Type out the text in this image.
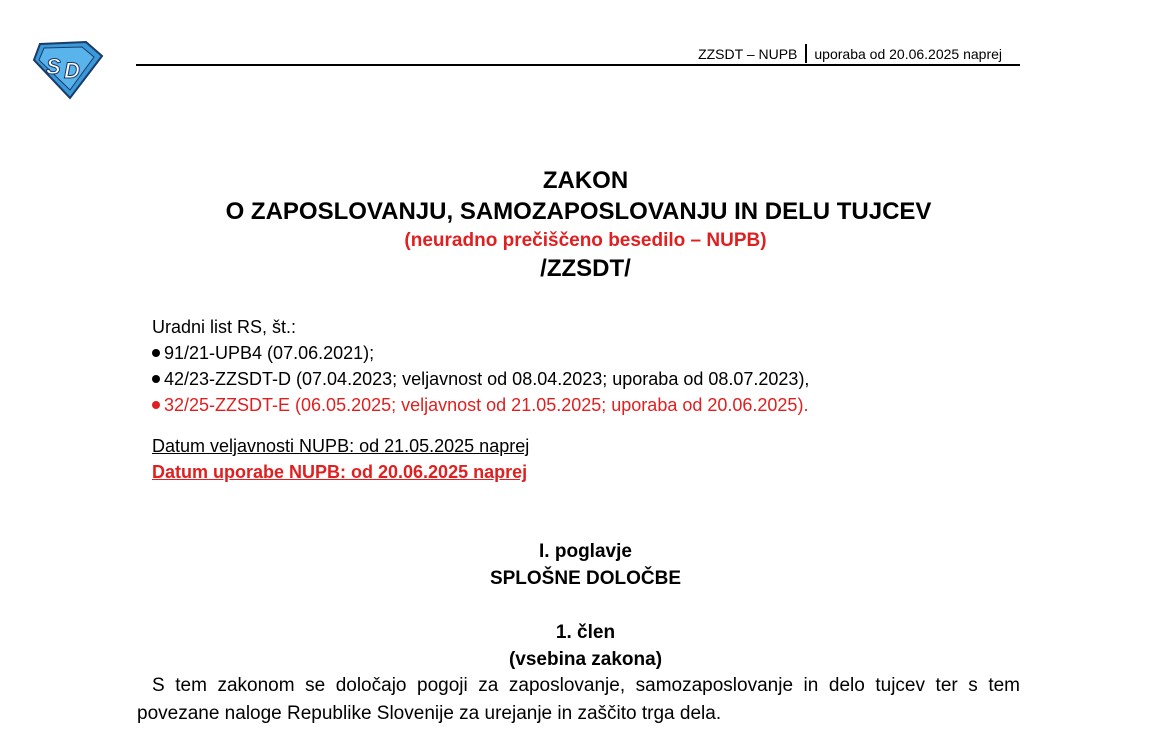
S D
ZZSDT – NUPB uporaba od 20.06.2025 naprej
ZAKON
O ZAPOSLOVANJU, SAMOZAPOSLOVANJU IN DELU TUJCEV
(neuradno prečiščeno besedilo – NUPB)
/ZZSDT/
Uradni list RS, št.:
91/21-UPB4 (07.06.2021);
42/23-ZZSDT-D (07.04.2023; veljavnost od 08.04.2023; uporaba od 08.07.2023),
32/25-ZZSDT-E (06.05.2025; veljavnost od 21.05.2025; uporaba od 20.06.2025).
Datum veljavnosti NUPB: od 21.05.2025 naprej
Datum uporabe NUPB: od 20.06.2025 naprej
I. poglavje
SPLOŠNE DOLOČBE
1. člen
(vsebina zakona)
S tem zakonom se določajo pogoji za zaposlovanje, samozaposlovanje in delo tujcev ter s tem povezane naloge Republike Slovenije za urejanje in zaščito trga dela.
